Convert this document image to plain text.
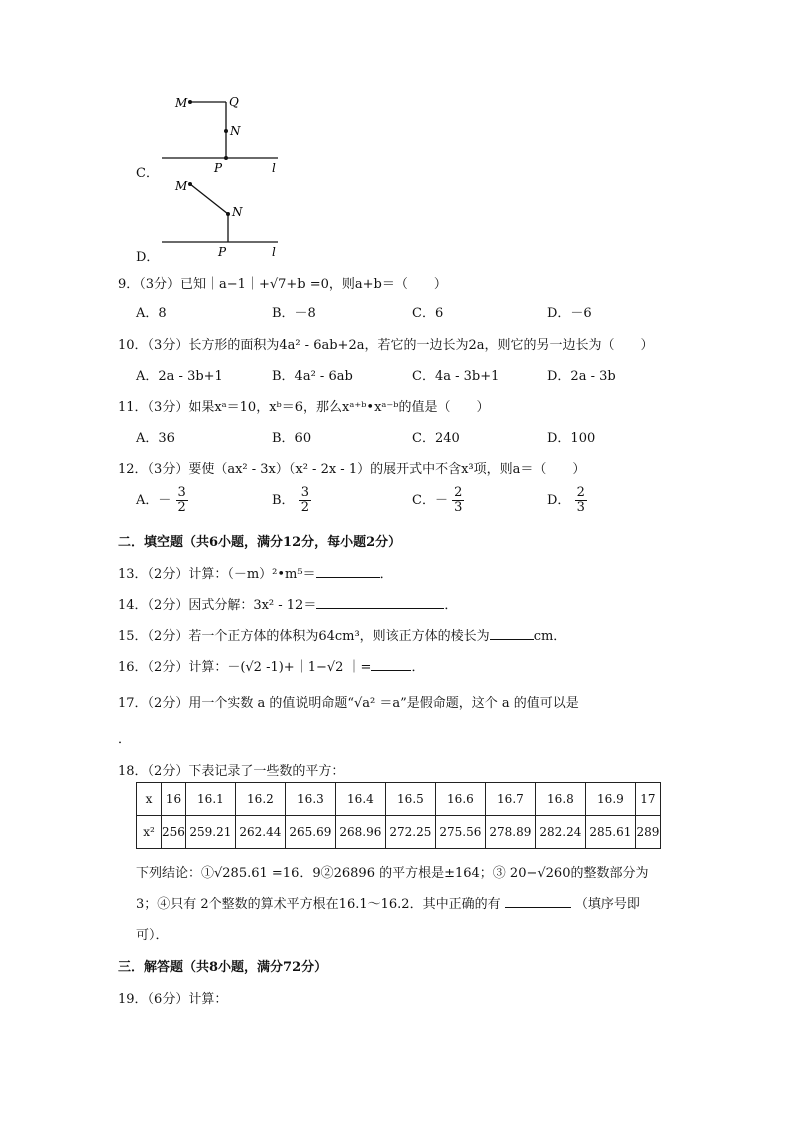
M	Q
N
P	l
C．
M
N
P	l
D．
9．（3分）已知｜a−1｜+√7+b =0，则a+b＝（　　）
A．8	B．－8	C．6	D．－6
10．（3分）长方形的面积为4a² - 6ab+2a，若它的一边长为2a，则它的另一边长为（　　）
A．2a - 3b+1	B．4a² - 6ab	C．4a - 3b+1	D．2a - 3b
11．（3分）如果xᵃ＝10，xᵇ＝6，那么xᵃ⁺ᵇ•xᵃ⁻ᵇ的值是（　　）
A．36	B．60	C．240	D．100
12．（3分）要使（ax² - 3x）（x² - 2x - 1）的展开式中不含x³项，则a＝（　　）
A．－ $\frac{3}{2}$	B． $\frac{3}{2}$	C．－ $\frac{2}{3}$	D． $\frac{2}{3}$
二．填空题（共6小题，满分12分，每小题2分）
13．（2分）计算：（－m）²•m⁵＝	．
14．（2分）因式分解：3x² - 12＝	．
15．（2分）若一个正方体的体积为64cm³，则该正方体的棱长为	cm．
16．（2分）计算：－(√2 -1)+｜1−√2 ｜=	．
17．（2分）用一个实数 a 的值说明命题“√a² ＝a”是假命题，这个 a 的值可以是
．
18．（2分）下表记录了一些数的平方：
x	16	16.1	16.2	16.3	16.4	16.5	16.6	16.7	16.8	16.9	17
x²	256	259.21	262.44	265.69	268.96	272.25	275.56	278.89	282.24	285.61	289
下列结论：①√285.61 =16．9②26896 的平方根是±164；③ 20−√260的整数部分为
3；④只有 2个整数的算术平方根在16.1～16.2．其中正确的有	（填序号即
可）．
三．解答题（共8小题，满分72分）
19．（6分）计算：
